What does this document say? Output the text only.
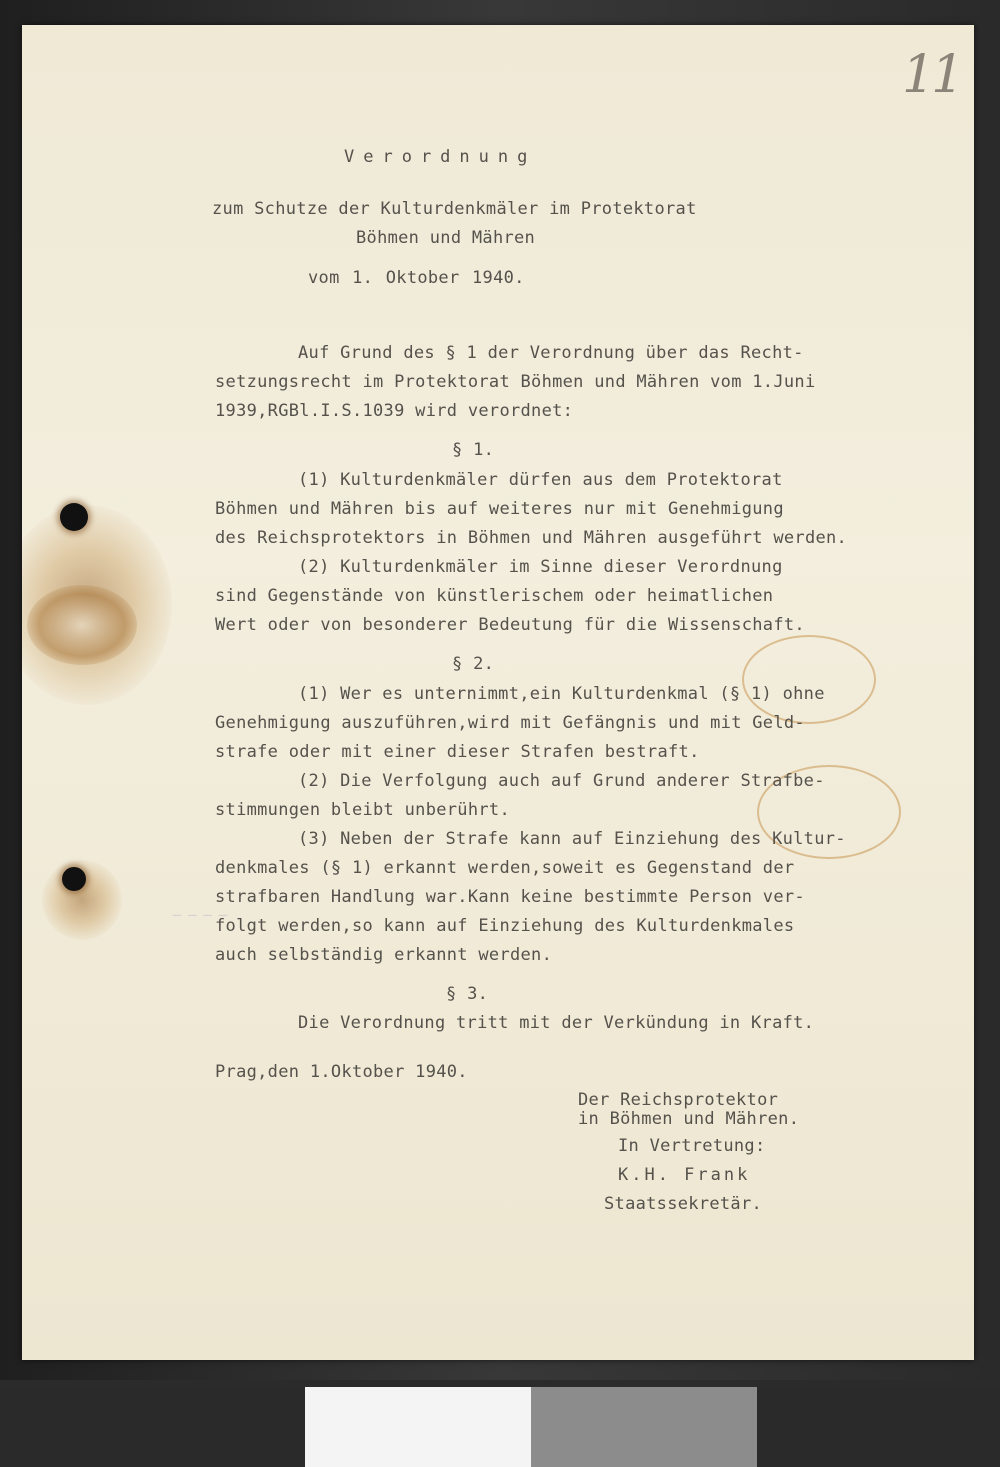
‒ ‒ ‒ ‒
11
Verordnung
zum Schutze der Kulturdenkmäler im Protektorat
Böhmen und Mähren
vom 1. Oktober 1940.
Auf Grund des § 1 der Verordnung über das Recht-
setzungsrecht im Protektorat Böhmen und Mähren vom 1.Juni
1939,RGBl.I.S.1039 wird verordnet:
§ 1.
(1) Kulturdenkmäler dürfen aus dem Protektorat
Böhmen und Mähren bis auf weiteres nur mit Genehmigung
des Reichsprotektors in Böhmen und Mähren ausgeführt werden.
(2) Kulturdenkmäler im Sinne dieser Verordnung
sind Gegenstände von künstlerischem oder heimatlichen
Wert oder von besonderer Bedeutung für die Wissenschaft.
§ 2.
(1) Wer es unternimmt,ein Kulturdenkmal (§ 1) ohne
Genehmigung auszuführen,wird mit Gefängnis und mit Geld-
strafe oder mit einer dieser Strafen bestraft.
(2) Die Verfolgung auch auf Grund anderer Strafbe-
stimmungen bleibt unberührt.
(3) Neben der Strafe kann auf Einziehung des Kultur-
denkmales (§ 1) erkannt werden,soweit es Gegenstand der
strafbaren Handlung war.Kann keine bestimmte Person ver-
folgt werden,so kann auf Einziehung des Kulturdenkmales
auch selbständig erkannt werden.
§ 3.
Die Verordnung tritt mit der Verkündung in Kraft.
Prag,den 1.Oktober 1940.
Der Reichsprotektor
in Böhmen und Mähren.
In Vertretung:
K.H. Frank
Staatssekretär.
